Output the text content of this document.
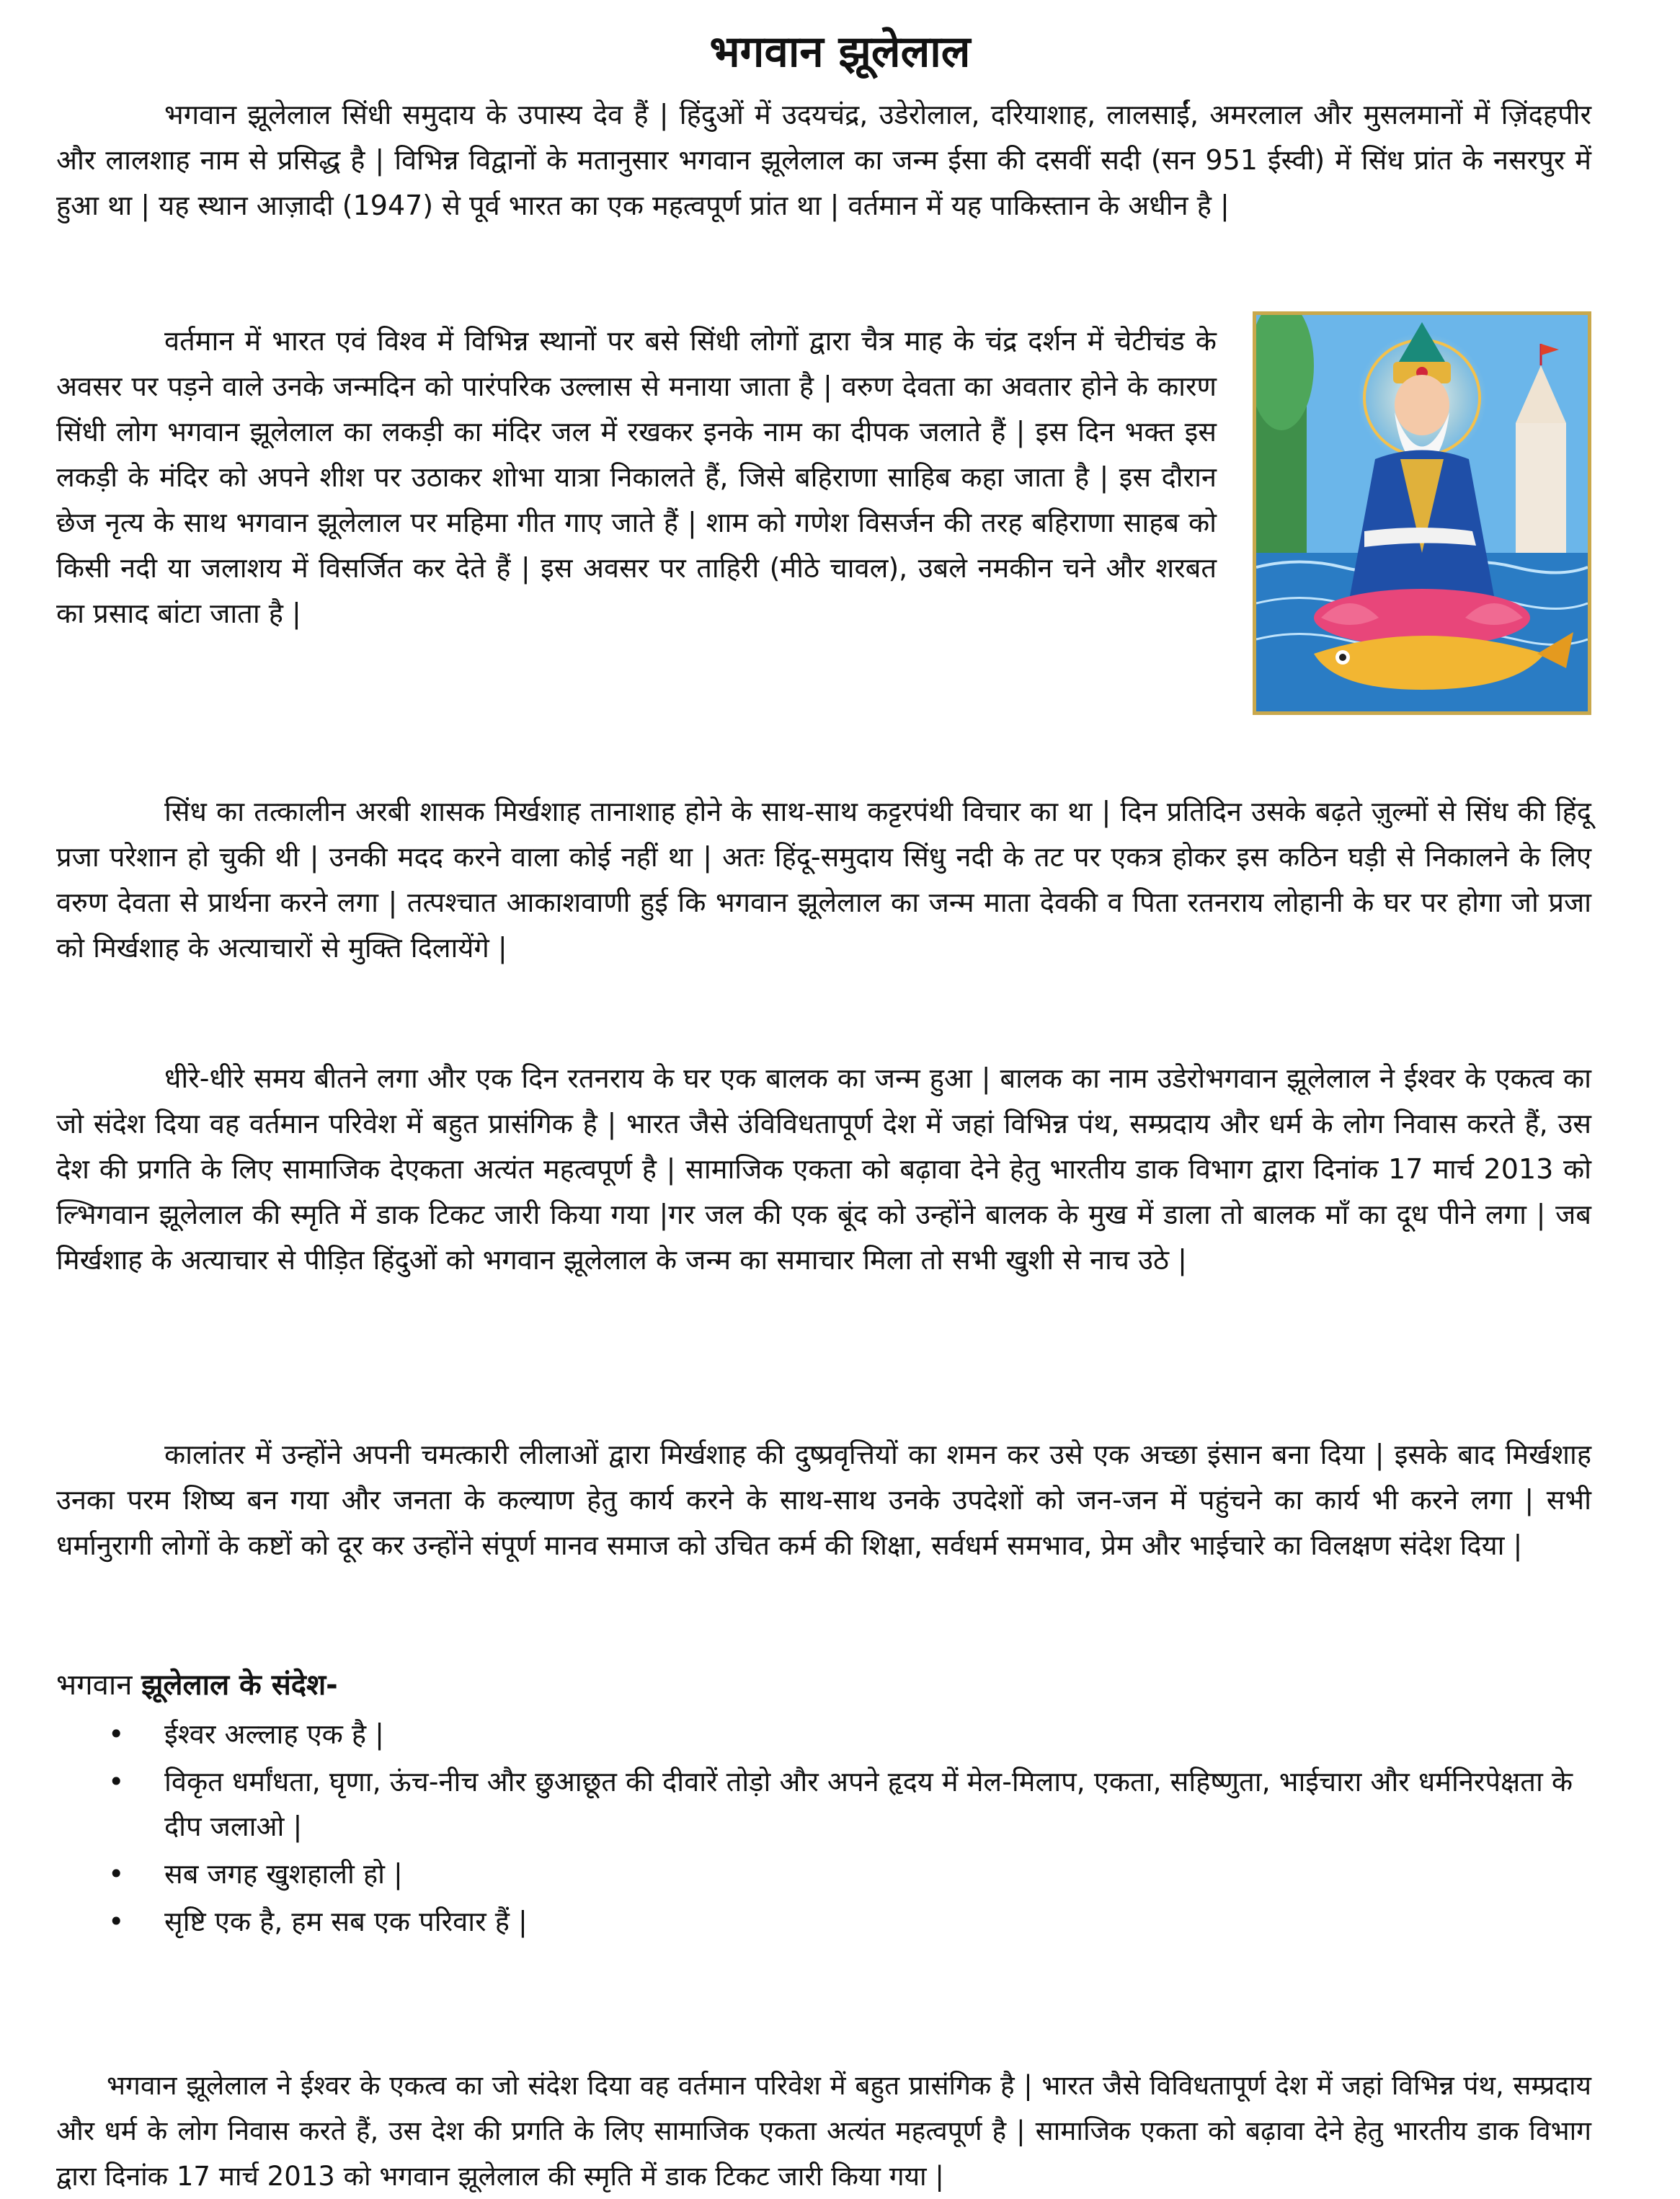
भगवान झूलेलाल

भगवान झूलेलाल सिंधी समुदाय के उपास्य देव हैं | हिंदुओं में उदयचंद्र, उडेरोलाल, दरियाशाह, लालसाईं, अमरलाल और मुसलमानों में ज़िंदहपीर और लालशाह नाम से प्रसिद्ध है | विभिन्न विद्वानों के मतानुसार भगवान झूलेलाल का जन्म ईसा की दसवीं सदी (सन 951 ईस्वी) में सिंध प्रांत के नसरपुर में हुआ था | यह स्थान आज़ादी (1947) से पूर्व भारत का एक महत्वपूर्ण प्रांत था | वर्तमान में यह पाकिस्तान के अधीन है |

वर्तमान में भारत एवं विश्व में विभिन्न स्थानों पर बसे सिंधी लोगों द्वारा चैत्र माह के चंद्र दर्शन में चेटीचंड के अवसर पर पड़ने वाले उनके जन्मदिन को पारंपरिक उल्लास से मनाया जाता है | वरुण देवता का अवतार होने के कारण सिंधी लोग भगवान झूलेलाल का लकड़ी का मंदिर जल में रखकर इनके नाम का दीपक जलाते हैं | इस दिन भक्त इस लकड़ी के मंदिर को अपने शीश पर उठाकर शोभा यात्रा निकालते हैं, जिसे बहिराणा साहिब कहा जाता है | इस दौरान छेज नृत्य के साथ भगवान झूलेलाल पर महिमा गीत गाए जाते हैं | शाम को गणेश विसर्जन की तरह बहिराणा साहब को किसी नदी या जलाशय में विसर्जित कर देते हैं | इस अवसर पर ताहिरी (मीठे चावल), उबले नमकीन चने और शरबत का प्रसाद बांटा जाता है |

सिंध का तत्कालीन अरबी शासक मिर्खशाह तानाशाह होने के साथ-साथ कट्टरपंथी विचार का था | दिन प्रतिदिन उसके बढ़ते ज़ुल्मों से सिंध की हिंदू प्रजा परेशान हो चुकी थी | उनकी मदद करने वाला कोई नहीं था | अतः हिंदू-समुदाय सिंधु नदी के तट पर एकत्र होकर इस कठिन घड़ी से निकालने के लिए वरुण देवता से प्रार्थना करने लगा | तत्पश्चात आकाशवाणी हुई कि भगवान झूलेलाल का जन्म माता देवकी व पिता रतनराय लोहानी के घर पर होगा जो प्रजा को मिर्खशाह के अत्याचारों से मुक्ति दिलायेंगे |

धीरे-धीरे समय बीतने लगा और एक दिन रतनराय के घर एक बालक का जन्म हुआ | बालक का नाम उडेरोभगवान झूलेलाल ने ईश्वर के एकत्व का जो संदेश दिया वह वर्तमान परिवेश में बहुत प्रासंगिक है | भारत जैसे उंविविधतापूर्ण देश में जहां विभिन्न पंथ, सम्प्रदाय और धर्म के लोग निवास करते हैं, उस देश की प्रगति के लिए सामाजिक देएकता अत्यंत महत्वपूर्ण है | सामाजिक एकता को बढ़ावा देने हेतु भारतीय डाक विभाग द्वारा दिनांक 17 मार्च 2013 को ल्भिगवान झूलेलाल की स्मृति में डाक टिकट जारी किया गया |गर जल की एक बूंद को उन्होंने बालक के मुख में डाला तो बालक माँ का दूध पीने लगा | जब मिर्खशाह के अत्याचार से पीड़ित हिंदुओं को भगवान झूलेलाल के जन्म का समाचार मिला तो सभी खुशी से नाच उठे |

कालांतर में उन्होंने अपनी चमत्कारी लीलाओं द्वारा मिर्खशाह की दुष्प्रवृत्तियों का शमन कर उसे एक अच्छा इंसान बना दिया | इसके बाद मिर्खशाह उनका परम शिष्य बन गया और जनता के कल्याण हेतु कार्य करने के साथ-साथ उनके उपदेशों को जन-जन में पहुंचने का कार्य भी करने लगा | सभी धर्मानुरागी लोगों के कष्टों को दूर कर उन्होंने संपूर्ण मानव समाज को उचित कर्म की शिक्षा, सर्वधर्म समभाव, प्रेम और भाईचारे का विलक्षण संदेश दिया |

भगवान झूलेलाल के संदेश-
• ईश्वर अल्लाह एक है |
• विकृत धर्मांधता, घृणा, ऊंच-नीच और छुआछूत की दीवारें तोड़ो और अपने हृदय में मेल-मिलाप, एकता, सहिष्णुता, भाईचारा और धर्मनिरपेक्षता के दीप जलाओ |
• सब जगह खुशहाली हो |
• सृष्टि एक है, हम सब एक परिवार हैं |

भगवान झूलेलाल ने ईश्वर के एकत्व का जो संदेश दिया वह वर्तमान परिवेश में बहुत प्रासंगिक है | भारत जैसे विविधतापूर्ण देश में जहां विभिन्न पंथ, सम्प्रदाय और धर्म के लोग निवास करते हैं, उस देश की प्रगति के लिए सामाजिक एकता अत्यंत महत्वपूर्ण है | सामाजिक एकता को बढ़ावा देने हेतु भारतीय डाक विभाग द्वारा दिनांक 17 मार्च 2013 को भगवान झूलेलाल की स्मृति में डाक टिकट जारी किया गया |
